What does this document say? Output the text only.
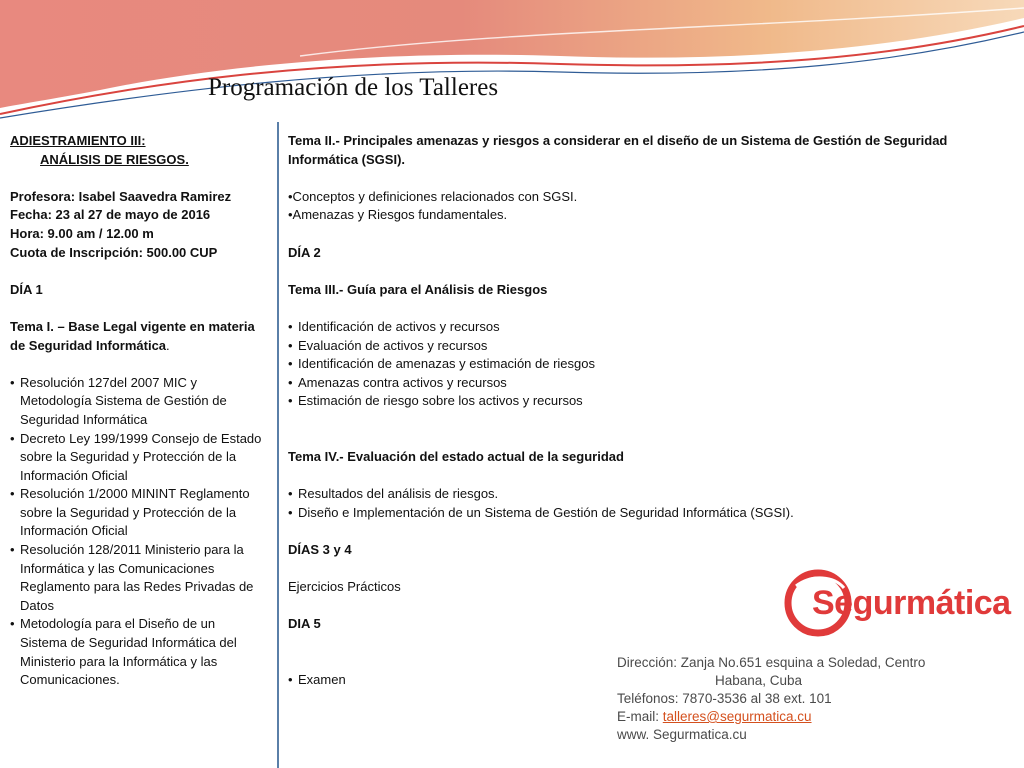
Programación de los Talleres
ADIESTRAMIENTO III:
ANÁLISIS DE RIESGOS.
Profesora: Isabel Saavedra Ramirez
Fecha: 23 al 27 de mayo de 2016
Hora: 9.00 am / 12.00 m
Cuota de Inscripción: 500.00 CUP
DÍA 1
Tema I. – Base Legal vigente en materia
de Seguridad Informática.
• Resolución 127del 2007 MIC y
Metodología Sistema de Gestión de
Seguridad Informática
• Decreto Ley 199/1999 Consejo de Estado
sobre la Seguridad y Protección de la
Información Oficial
• Resolución 1/2000 MININT Reglamento
sobre la Seguridad y Protección de la
Información Oficial
• Resolución 128/2011 Ministerio para la
Informática y las Comunicaciones
Reglamento para las Redes Privadas de
Datos
• Metodología para el Diseño de un
Sistema de Seguridad Informática del
Ministerio para la Informática y las
Comunicaciones.
Tema II.- Principales amenazas y riesgos a considerar en el diseño de un Sistema de Gestión de Seguridad
Informática (SGSI).
•Conceptos y definiciones relacionados con SGSI.
•Amenazas y Riesgos fundamentales.
DÍA 2
Tema III.- Guía para el Análisis de Riesgos
• Identificación de activos y recursos
• Evaluación de activos y recursos
• Identificación de amenazas y estimación de riesgos
• Amenazas contra activos y recursos
• Estimación de riesgo sobre los activos y recursos
Tema IV.- Evaluación del estado actual de la seguridad
• Resultados del análisis de riesgos.
• Diseño e Implementación de un Sistema de Gestión de Seguridad Informática (SGSI).
DÍAS 3 y 4
Ejercicios Prácticos
DIA 5
• Examen
Segurmática
Dirección: Zanja No.651 esquina a Soledad, Centro
Habana, Cuba
Teléfonos: 7870-3536 al 38 ext. 101
E-mail: talleres@segurmatica.cu
www. Segurmatica.cu
